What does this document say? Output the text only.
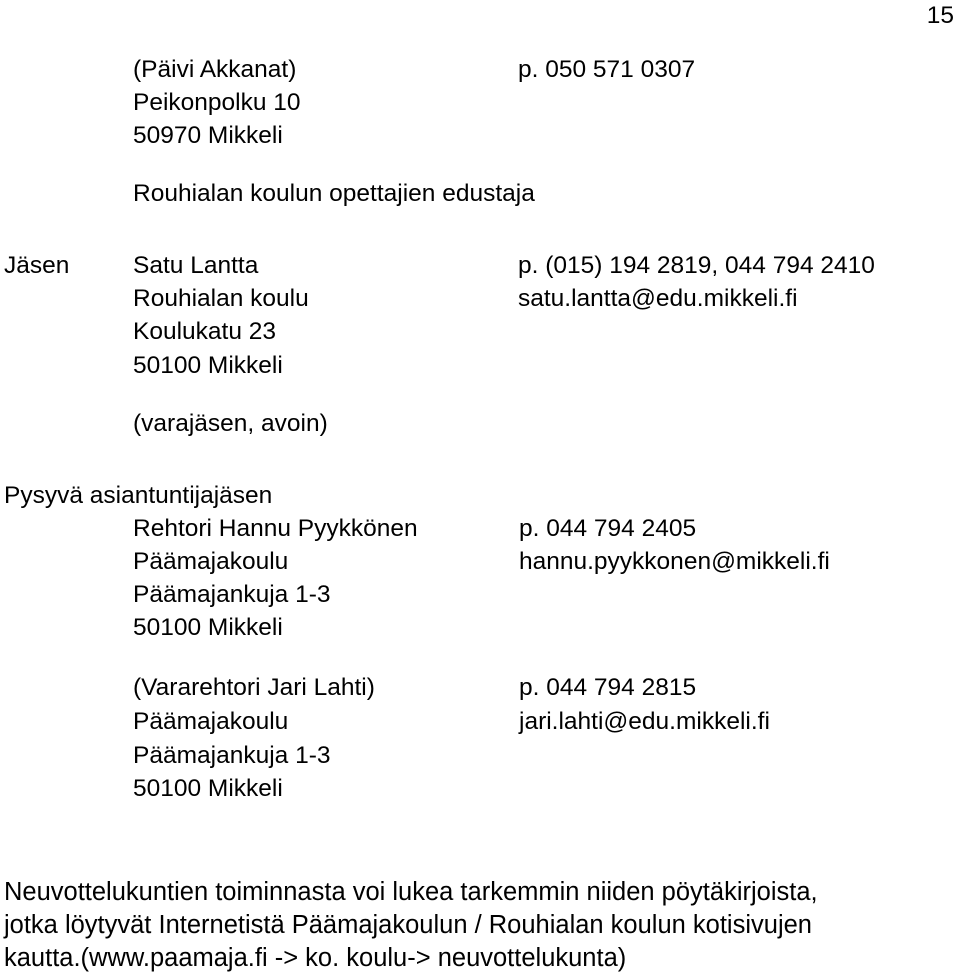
15
(Päivi Akkanat)	p. 050 571 0307
Peikonpolku 10
50970 Mikkeli
Rouhialan koulun opettajien edustaja
Jäsen	Satu Lantta	p. (015) 194 2819, 044 794 2410
Rouhialan koulu	satu.lantta@edu.mikkeli.fi
Koulukatu 23
50100 Mikkeli
(varajäsen, avoin)
Pysyvä asiantuntijajäsen
Rehtori Hannu Pyykkönen	p. 044 794 2405
Päämajakoulu	hannu.pyykkonen@mikkeli.fi
Päämajankuja 1-3
50100 Mikkeli
(Vararehtori Jari Lahti)	p. 044 794 2815
Päämajakoulu	jari.lahti@edu.mikkeli.fi
Päämajankuja 1-3
50100 Mikkeli
Neuvottelukuntien toiminnasta voi lukea tarkemmin niiden pöytäkirjoista,
jotka löytyvät Internetistä Päämajakoulun / Rouhialan koulun kotisivujen
kautta.(www.paamaja.fi -> ko. koulu-> neuvottelukunta)
